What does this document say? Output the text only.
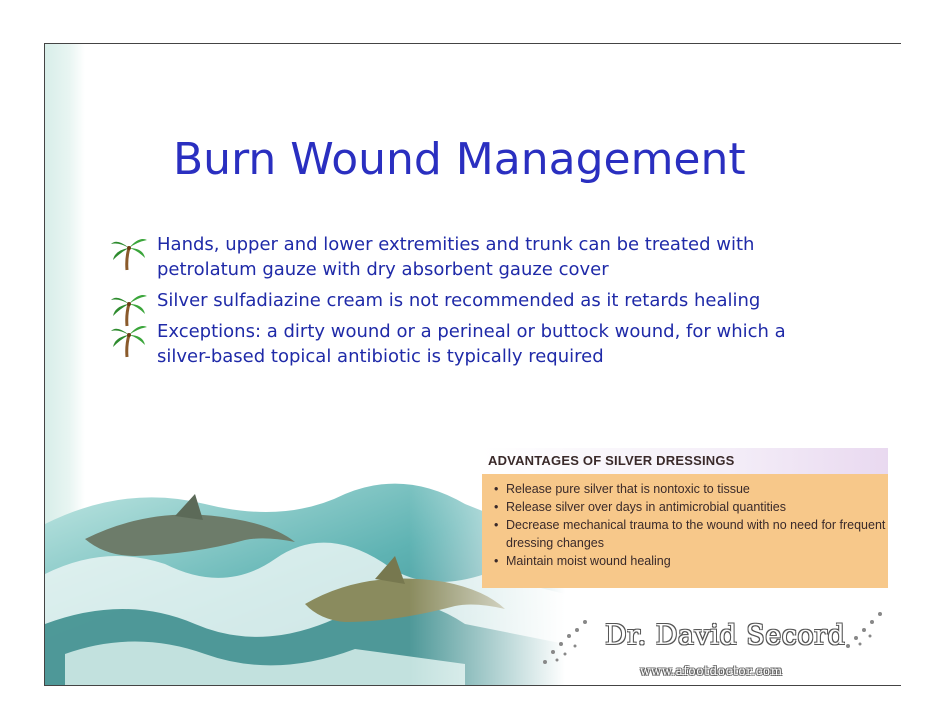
Burn Wound Management
Hands, upper and lower extremities and trunk can be treated with petrolatum gauze with dry absorbent gauze cover
Silver sulfadiazine cream is not recommended as it retards healing
Exceptions: a dirty wound or a perineal or buttock wound, for which a silver-based topical antibiotic is typically required
ADVANTAGES OF SILVER DRESSINGS
• Release pure silver that is nontoxic to tissue
• Release silver over days in antimicrobial quantities
• Decrease mechanical trauma to the wound with no need for frequent dressing changes
• Maintain moist wound healing
Dr. David Secord
www.afootdoctor.com
